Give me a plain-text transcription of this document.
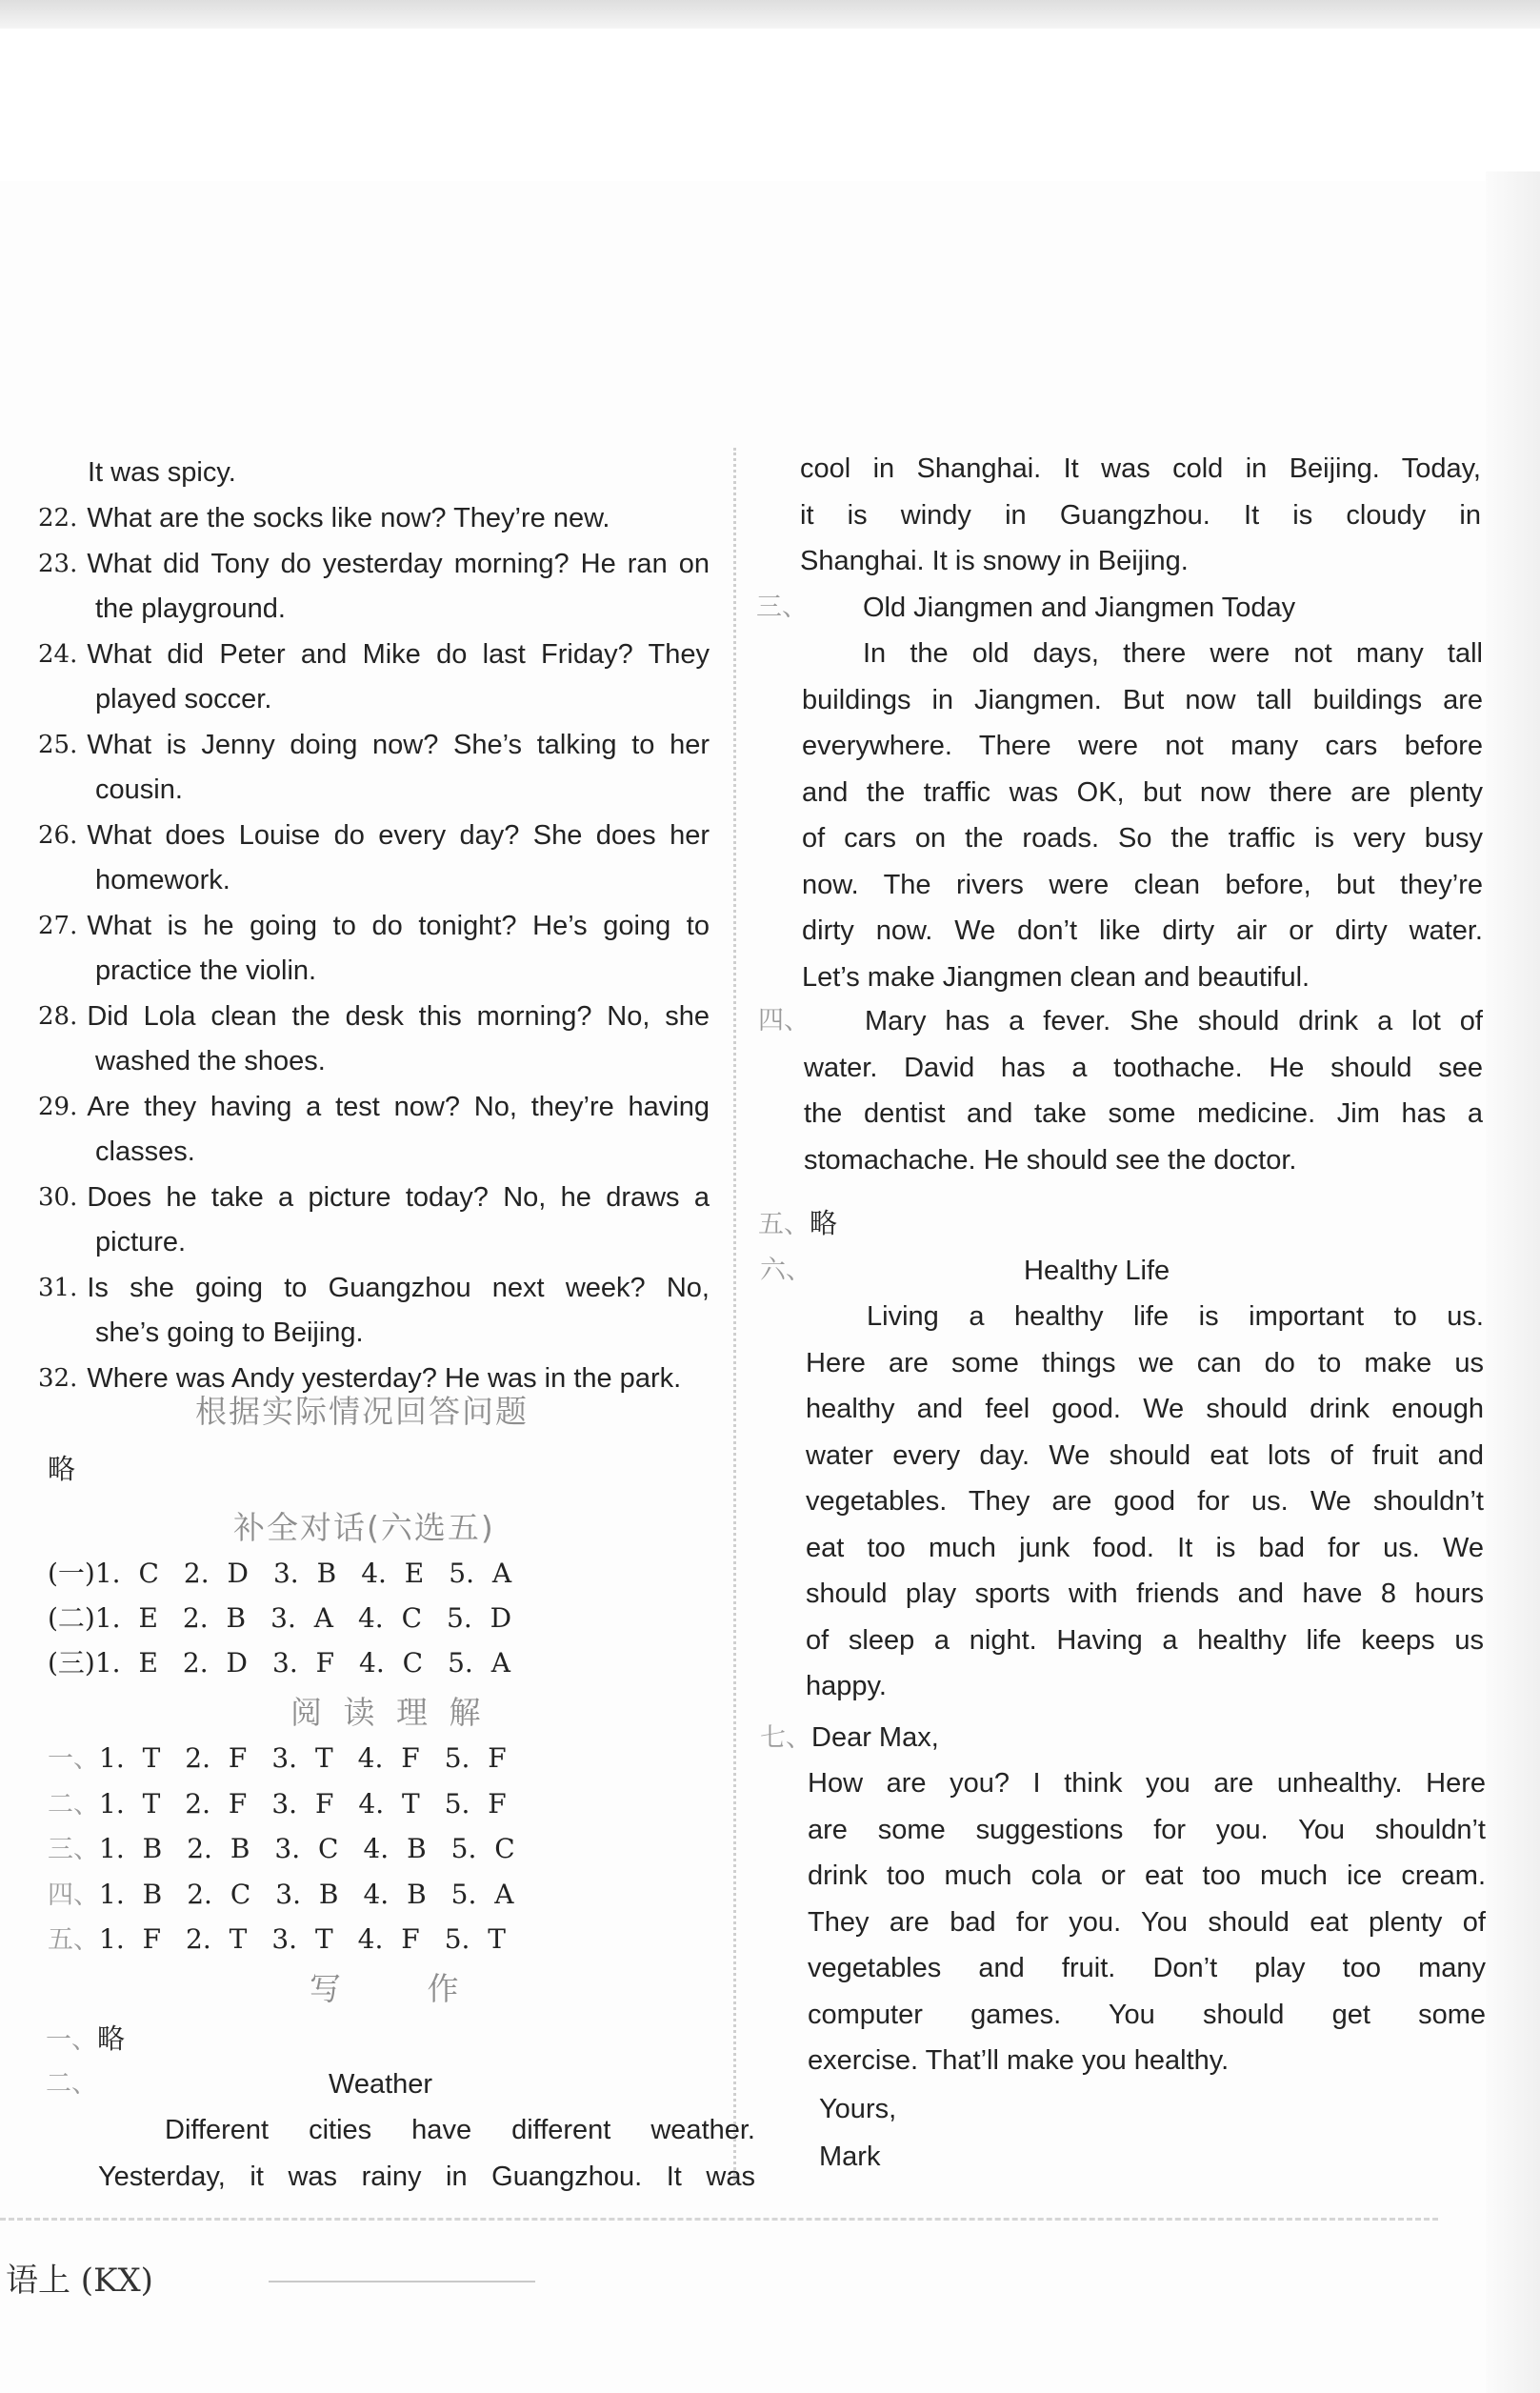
It was spicy.
22. What are the socks like now? They’re new.
23. What did Tony do yesterday morning? He ran on
the playground.
24. What did Peter and Mike do last Friday? They
played soccer.
25. What is Jenny doing now? She’s talking to her
cousin.
26. What does Louise do every day? She does her
homework.
27. What is he going to do tonight? He’s going to
practice the violin.
28. Did Lola clean the desk this morning? No, she
washed the shoes.
29. Are they having a test now? No, they’re having
classes.
30. Does he take a picture today? No, he draws a
picture.
31. Is she going to Guangzhou next week? No,
she’s going to Beijing.
32. Where was Andy yesterday? He was in the park.
根据实际情况回答问题
略
补全对话(六选五)
(一)1. C 2. D 3. B 4. E 5. A
(二)1. E 2. B 3. A 4. C 5. D
(三)1. E 2. D 3. F 4. C 5. A
阅 读 理 解
一、1. T 2. F 3. T 4. F 5. F
二、1. T 2. F 3. F 4. T 5. F
三、1. B 2. B 3. C 4. B 5. C
四、1. B 2. C 3. B 4. B 5. A
五、1. F 2. T 3. T 4. F 5. T
写 作
一、略
二、	Weather
Different cities have different weather.
Yesterday, it was rainy in Guangzhou. It was
cool in Shanghai. It was cold in Beijing. Today,
it is windy in Guangzhou. It is cloudy in
Shanghai. It is snowy in Beijing.
三、 Old Jiangmen and Jiangmen Today
In the old days, there were not many tall
buildings in Jiangmen. But now tall buildings are
everywhere. There were not many cars before
and the traffic was OK, but now there are plenty
of cars on the roads. So the traffic is very busy
now. The rivers were clean before, but they’re
dirty now. We don’t like dirty air or dirty water.
Let’s make Jiangmen clean and beautiful.
四、 Mary has a fever. She should drink a lot of
water. David has a toothache. He should see
the dentist and take some medicine. Jim has a
stomachache. He should see the doctor.
五、略
六、	Healthy Life
Living a healthy life is important to us.
Here are some things we can do to make us
healthy and feel good. We should drink enough
water every day. We should eat lots of fruit and
vegetables. They are good for us. We shouldn’t
eat too much junk food. It is bad for us. We
should play sports with friends and have 8 hours
of sleep a night. Having a healthy life keeps us
happy.
七、Dear Max,
How are you? I think you are unhealthy. Here
are some suggestions for you. You shouldn’t
drink too much cola or eat too much ice cream.
They are bad for you. You should eat plenty of
vegetables and fruit. Don’t play too many
computer games. You should get some
exercise. That’ll make you healthy.
Yours,
Mark
语上 (KX)
